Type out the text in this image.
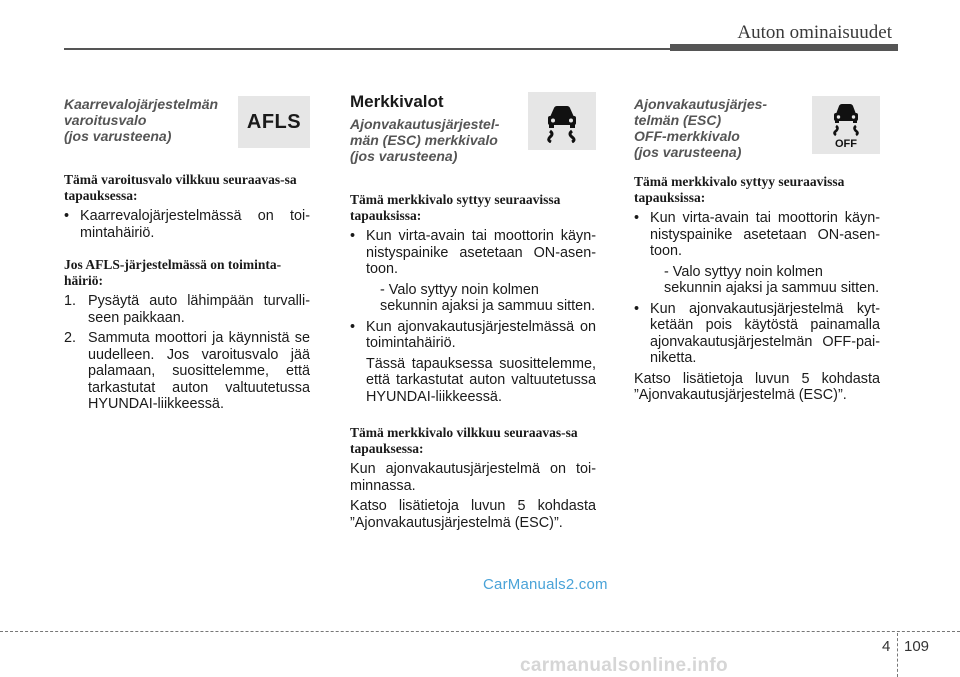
Auton ominaisuudet
Kaarrevalojärjestelmän
varoitusvalo
(jos varusteena)
AFLS
Tämä varoitusvalo vilkkuu seuraavas-sa tapauksessa:
• Kaarrevalojärjestelmässä on toi-mintahäiriö.
Jos AFLS-järjestelmässä on toiminta-häiriö:
1. Pysäytä auto lähimpään turvalli-seen paikkaan.
2. Sammuta moottori ja käynnistä se uudelleen. Jos varoitusvalo jää palamaan, suosittelemme, että tarkastutat auton valtuutetussa HYUNDAI-liikkeessä.
Merkkivalot
Ajonvakautusjärjestel-
män (ESC) merkkivalo
(jos varusteena)
Tämä merkkivalo syttyy seuraavissa tapauksissa:
• Kun virta-avain tai moottorin käyn-nistyspainike asetetaan ON-asen-toon.
- Valo syttyy noin kolmen sekunnin ajaksi ja sammuu sitten.
• Kun ajonvakautusjärjestelmässä on toimintahäiriö.
Tässä tapauksessa suosittelemme, että tarkastutat auton valtuutetussa HYUNDAI-liikkeessä.
Tämä merkkivalo vilkkuu seuraavas-sa tapauksessa:
Kun ajonvakautusjärjestelmä on toi-minnassa.
Katso lisätietoja luvun 5 kohdasta ”Ajonvakautusjärjestelmä (ESC)”.
Ajonvakautusjärjes-
telmän (ESC)
OFF-merkkivalo
(jos varusteena)	OFF
Tämä merkkivalo syttyy seuraavissa tapauksissa:
• Kun virta-avain tai moottorin käyn-nistyspainike asetetaan ON-asen-toon.
- Valo syttyy noin kolmen sekunnin ajaksi ja sammuu sitten.
• Kun ajonvakautusjärjestelmä kyt-ketään pois käytöstä painamalla ajonvakautusjärjestelmän OFF-pai-niketta.
Katso lisätietoja luvun 5 kohdasta ”Ajonvakautusjärjestelmä (ESC)”.
CarManuals2.com
4 109
carmanualsonline.info
